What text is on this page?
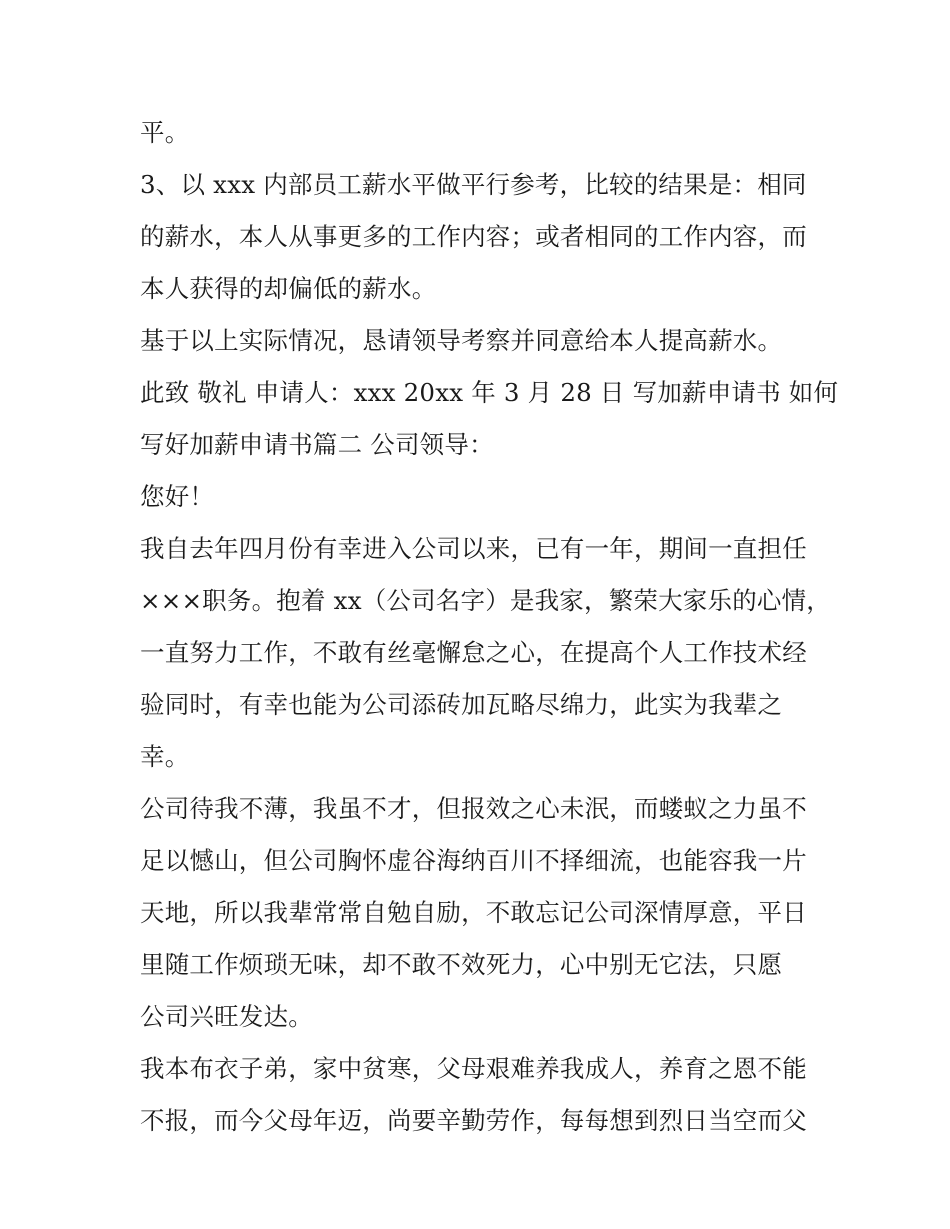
平。
3、以 xxx 内部员工薪水平做平行参考，比较的结果是：相同
的薪水，本人从事更多的工作内容；或者相同的工作内容，而
本人获得的却偏低的薪水。
基于以上实际情况，恳请领导考察并同意给本人提高薪水。
此致 敬礼 申请人：xxx 20xx 年 3 月 28 日 写加薪申请书 如何
写好加薪申请书篇二 公司领导：
您好！
我自去年四月份有幸进入公司以来，已有一年，期间一直担任
×××职务。抱着 xx（公司名字）是我家，繁荣大家乐的心情，
一直努力工作，不敢有丝毫懈怠之心，在提高个人工作技术经
验同时，有幸也能为公司添砖加瓦略尽绵力，此实为我辈之
幸。
公司待我不薄，我虽不才，但报效之心未泯，而蝼蚁之力虽不
足以憾山，但公司胸怀虚谷海纳百川不择细流，也能容我一片
天地，所以我辈常常自勉自励，不敢忘记公司深情厚意，平日
里随工作烦琐无味，却不敢不效死力，心中别无它法，只愿
公司兴旺发达。
我本布衣子弟，家中贫寒，父母艰难养我成人，养育之恩不能
不报，而今父母年迈，尚要辛勤劳作，每每想到烈日当空而父
